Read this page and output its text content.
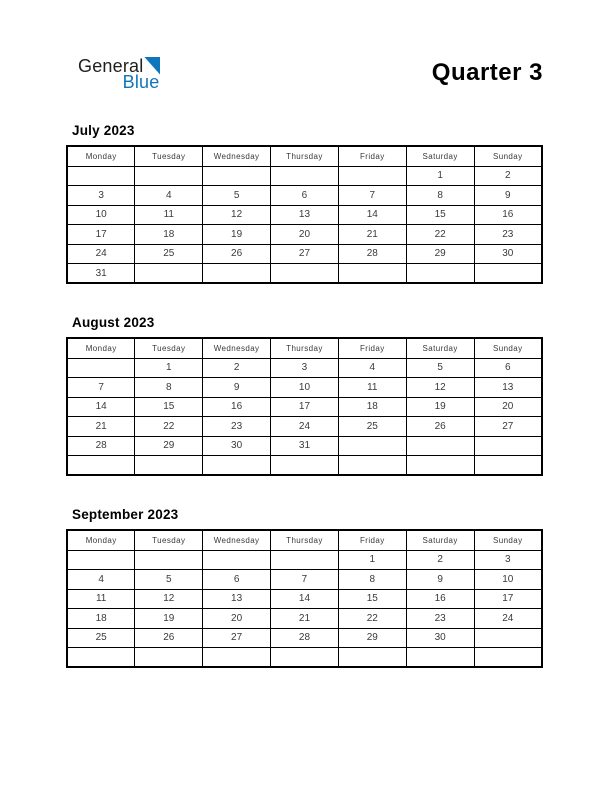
General
Blue	Quarter 3
July 2023
Monday	Tuesday	Wednesday	Thursday	Friday	Saturday	Sunday
					1	2
3	4	5	6	7	8	9
10	11	12	13	14	15	16
17	18	19	20	21	22	23
24	25	26	27	28	29	30
31						
August 2023
Monday	Tuesday	Wednesday	Thursday	Friday	Saturday	Sunday
	1	2	3	4	5	6
7	8	9	10	11	12	13
14	15	16	17	18	19	20
21	22	23	24	25	26	27
28	29	30	31			

September 2023
Monday	Tuesday	Wednesday	Thursday	Friday	Saturday	Sunday
				1	2	3
4	5	6	7	8	9	10
11	12	13	14	15	16	17
18	19	20	21	22	23	24
25	26	27	28	29	30	
